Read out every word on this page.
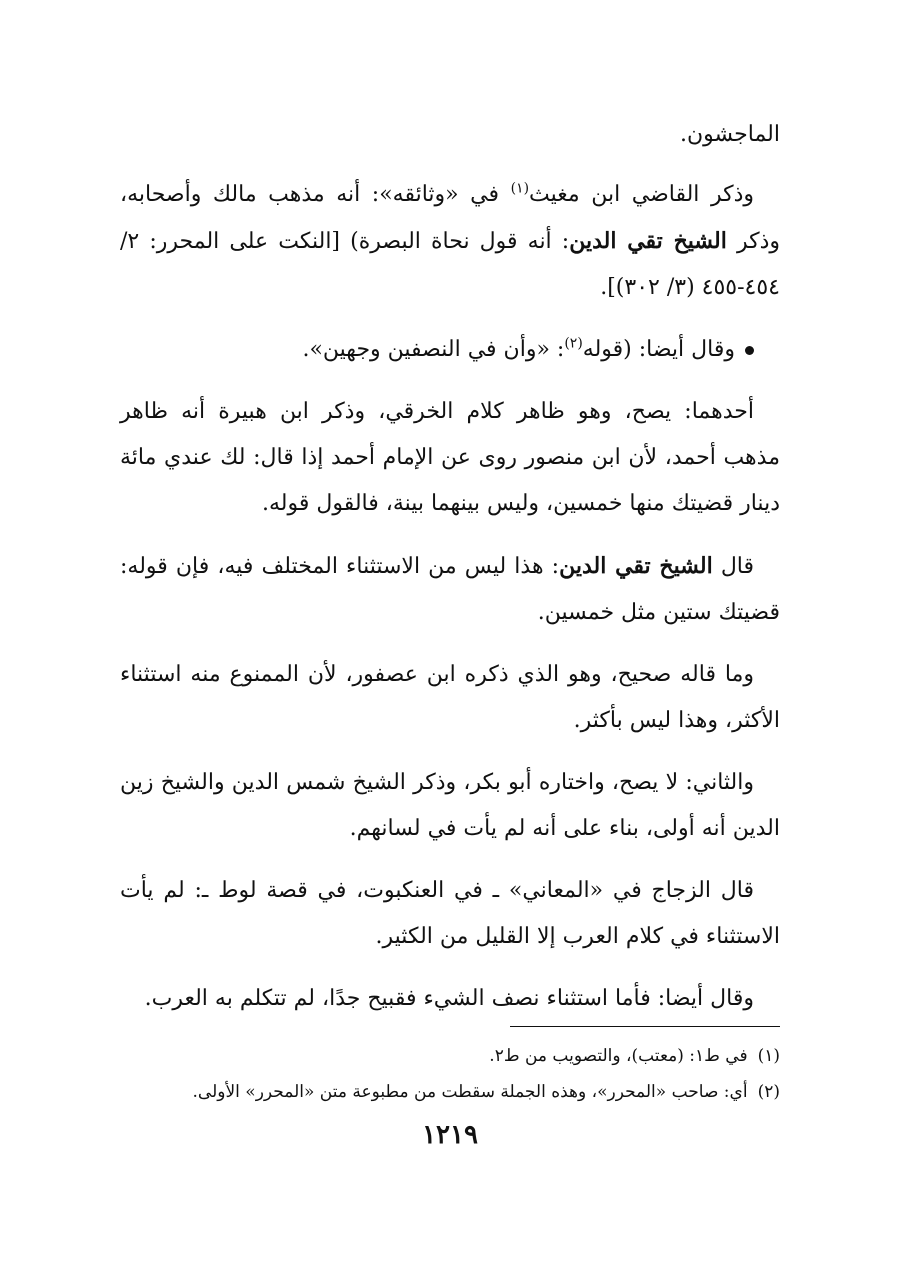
الماجشون.

وذكر القاضي ابن مغيث$^{(١)}$ في «وثائقه»: أنه مذهب مالك وأصحابه، وذكر الشيخ تقي الدين: أنه قول نحاة البصرة) [النكت على المحرر: ٢/ ٤٥٤-٤٥٥ (٣/ ٣٠٢)].

وقال أيضا: (قوله$^{(٢)}$: «وأن في النصفين وجهين».

أحدهما: يصح، وهو ظاهر كلام الخرقي، وذكر ابن هبيرة أنه ظاهر مذهب أحمد، لأن ابن منصور روى عن الإمام أحمد إذا قال: لك عندي مائة دينار قضيتك منها خمسين، وليس بينهما بينة، فالقول قوله.

قال الشيخ تقي الدين: هذا ليس من الاستثناء المختلف فيه، فإن قوله: قضيتك ستين مثل خمسين.

وما قاله صحيح، وهو الذي ذكره ابن عصفور، لأن الممنوع منه استثناء الأكثر، وهذا ليس بأكثر.

والثاني: لا يصح، واختاره أبو بكر، وذكر الشيخ شمس الدين والشيخ زين الدين أنه أولى، بناء على أنه لم يأت في لسانهم.

قال الزجاج في «المعاني» ـ في العنكبوت، في قصة لوط ـ: لم يأت الاستثناء في كلام العرب إلا القليل من الكثير.

وقال أيضا: فأما استثناء نصف الشيء فقبيح جدًا، لم تتكلم به العرب.

(١)في ط١: (معتب)، والتصويب من ط٢.

(٢)أي: صاحب «المحرر»، وهذه الجملة سقطت من مطبوعة متن «المحرر» الأولى.

١٢١٩
